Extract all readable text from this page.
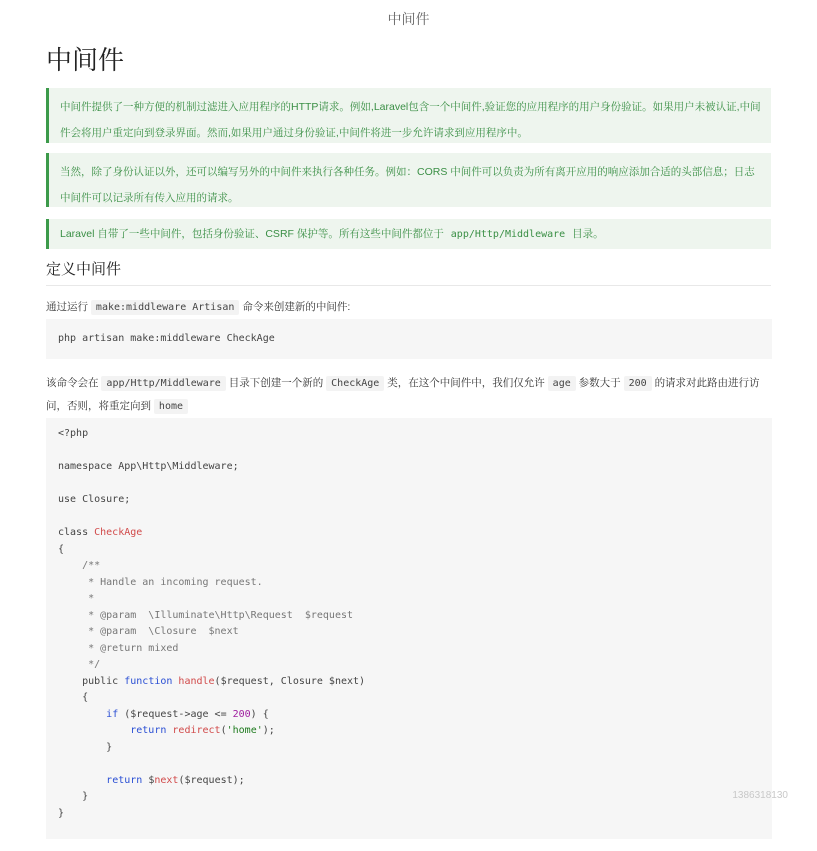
中间件
中间件
中间件提供了一种方便的机制过滤进入应用程序的HTTP请求。例如,Laravel包含一个中间件,验证您的应用程序的用户身份验证。如果用户未被认证,中间件会将用户重定向到登录界面。然而,如果用户通过身份验证,中间件将进一步允许请求到应用程序中。
当然，除了身份认证以外，还可以编写另外的中间件来执行各种任务。例如：CORS 中间件可以负责为所有离开应用的响应添加合适的头部信息；日志中间件可以记录所有传入应用的请求。
Laravel 自带了一些中间件，包括身份验证、CSRF 保护等。所有这些中间件都位于 app/Http/Middleware 目录。
定义中间件
通过运行 make:middleware Artisan 命令来创建新的中间件:
php artisan make:middleware CheckAge
该命令会在 app/Http/Middleware 目录下创建一个新的 CheckAge 类，在这个中间件中，我们仅允许 age 参数大于 200 的请求对此路由进行访问，否则，将重定向到 home
<?php

namespace App\Http\Middleware;

use Closure;

class CheckAge
{
/**
* Handle an incoming request.
*
* @param  \Illuminate\Http\Request  $request
* @param  \Closure  $next
* @return mixed
*/
public function handle($request, Closure $next)
{
if ($request->age <= 200) {
return redirect('home');
}

return $next($request);
}
}
1386318130
